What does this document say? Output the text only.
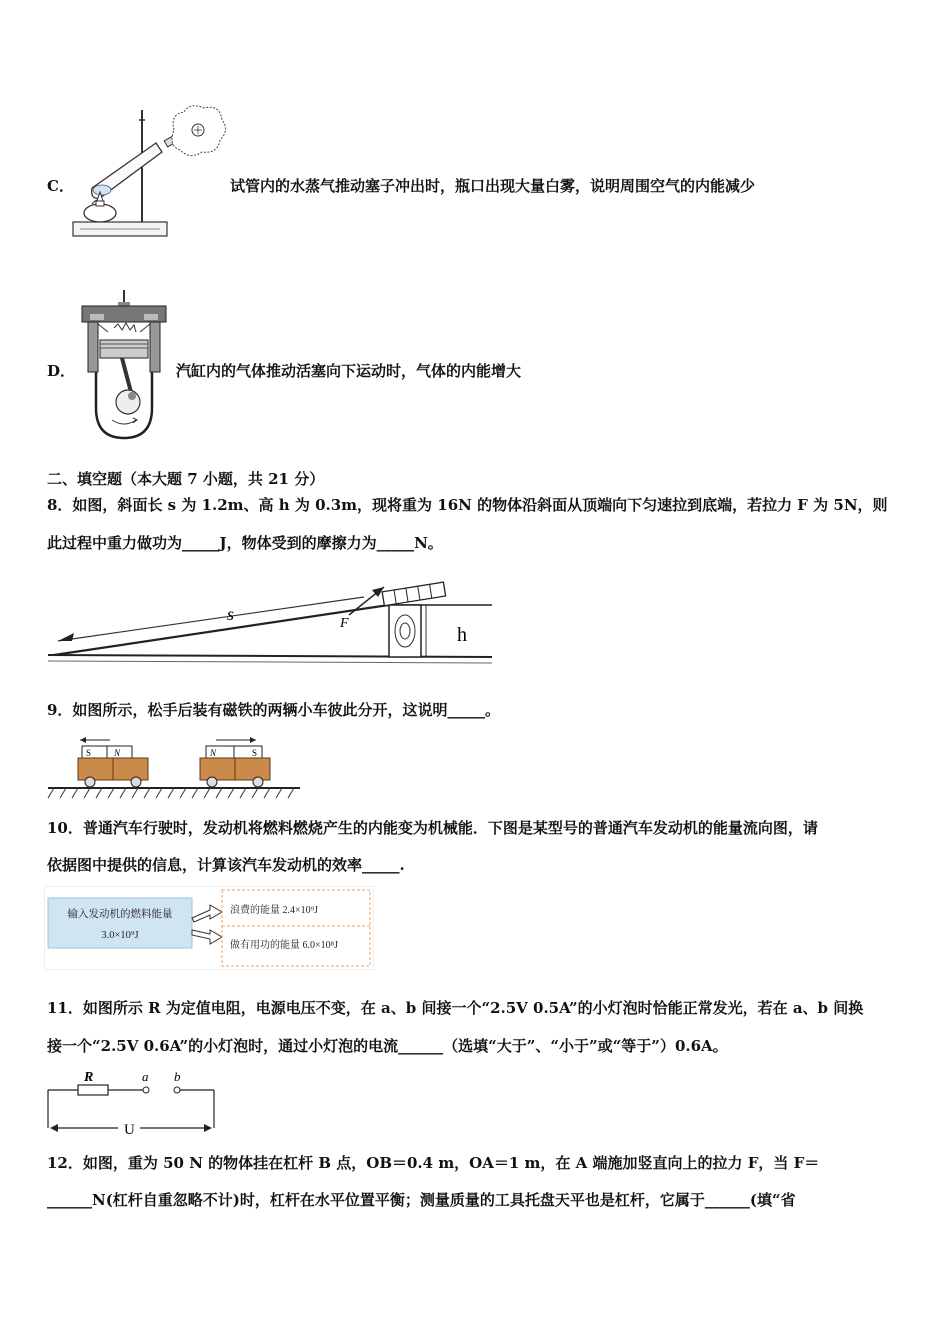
C．	试管内的水蒸气推动塞子冲出时，瓶口出现大量白雾，说明周围空气的内能减少
D．	汽缸内的气体推动活塞向下运动时，气体的内能增大
二、填空题（本大题 7 小题，共 21 分）
8．如图，斜面长 s 为 1.2m、高 h 为 0.3m，现将重为 16N 的物体沿斜面从顶端向下匀速拉到底端，若拉力 F 为 5N，则
此过程中重力做功为_____J，物体受到的摩擦力为_____N。
s	F
h
9．如图所示，松手后装有磁铁的两辆小车彼此分开，这说明_____。
S	N	N	S
10．普通汽车行驶时，发动机将燃料燃烧产生的内能变为机械能．下图是某型号的普通汽车发动机的能量流向图，请
依据图中提供的信息，计算该汽车发动机的效率_____.
输入发动机的燃料能量
3.0×10⁹J
浪费的能量 2.4×10⁹J
做有用功的能量 6.0×10⁸J
11．如图所示 R 为定值电阻，电源电压不变，在 a、b 间接一个“2.5V 0.5A”的小灯泡时恰能正常发光，若在 a、b 间换
接一个“2.5V 0.6A”的小灯泡时，通过小灯泡的电流______（选填“大于”、“小于”或“等于”）0.6A。
R	a b
U
12．如图，重为 50 N 的物体挂在杠杆 B 点，OB＝0.4 m，OA＝1 m，在 A 端施加竖直向上的拉力 F，当 F＝
______N(杠杆自重忽略不计)时，杠杆在水平位置平衡；测量质量的工具托盘天平也是杠杆，它属于______(填“省
